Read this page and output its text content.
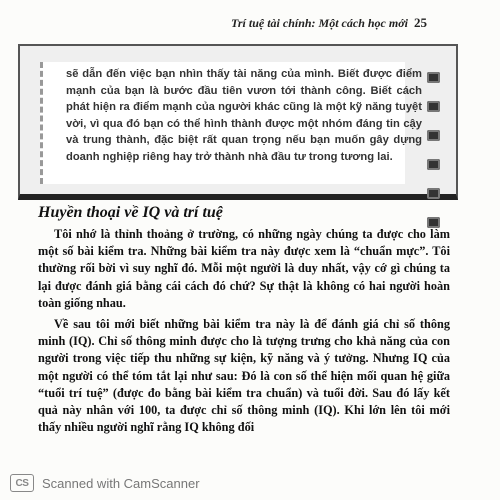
Trí tuệ tài chính: Một cách học mới 25
sẽ dẫn đến việc bạn nhìn thấy tài năng của mình. Biết được điểm mạnh của bạn là bước đầu tiên vươn tới thành công. Biết cách phát hiện ra điểm mạnh của người khác cũng là một kỹ năng tuyệt vời, vì qua đó bạn có thể hình thành được một nhóm đáng tin cậy và trung thành, đặc biệt rất quan trọng nếu bạn muốn gây dựng doanh nghiệp riêng hay trở thành nhà đầu tư trong tương lai.
Huyền thoại về IQ và trí tuệ

Tôi nhớ là thỉnh thoảng ở trường, có những ngày chúng ta được cho làm một số bài kiểm tra. Những bài kiểm tra này được xem là “chuẩn mực”. Tôi thường rối bời vì suy nghĩ đó. Mỗi một người là duy nhất, vậy cớ gì chúng ta lại được đánh giá bằng cái cách đó chứ? Sự thật là không có hai người hoàn toàn giống nhau.

Về sau tôi mới biết những bài kiểm tra này là để đánh giá chỉ số thông minh (IQ). Chỉ số thông minh được cho là tượng trưng cho khả năng của con người trong việc tiếp thu những sự kiện, kỹ năng và ý tưởng. Nhưng IQ của một người có thể tóm tắt lại như sau: Đó là con số thể hiện mối quan hệ giữa “tuổi trí tuệ” (được đo bằng bài kiểm tra chuẩn) và tuổi đời. Sau đó lấy kết quả này nhân với 100, ta được chỉ số thông minh (IQ). Khi lớn lên tôi mới thấy nhiều người nghĩ rằng IQ không đối

CS	Scanned with CamScanner
